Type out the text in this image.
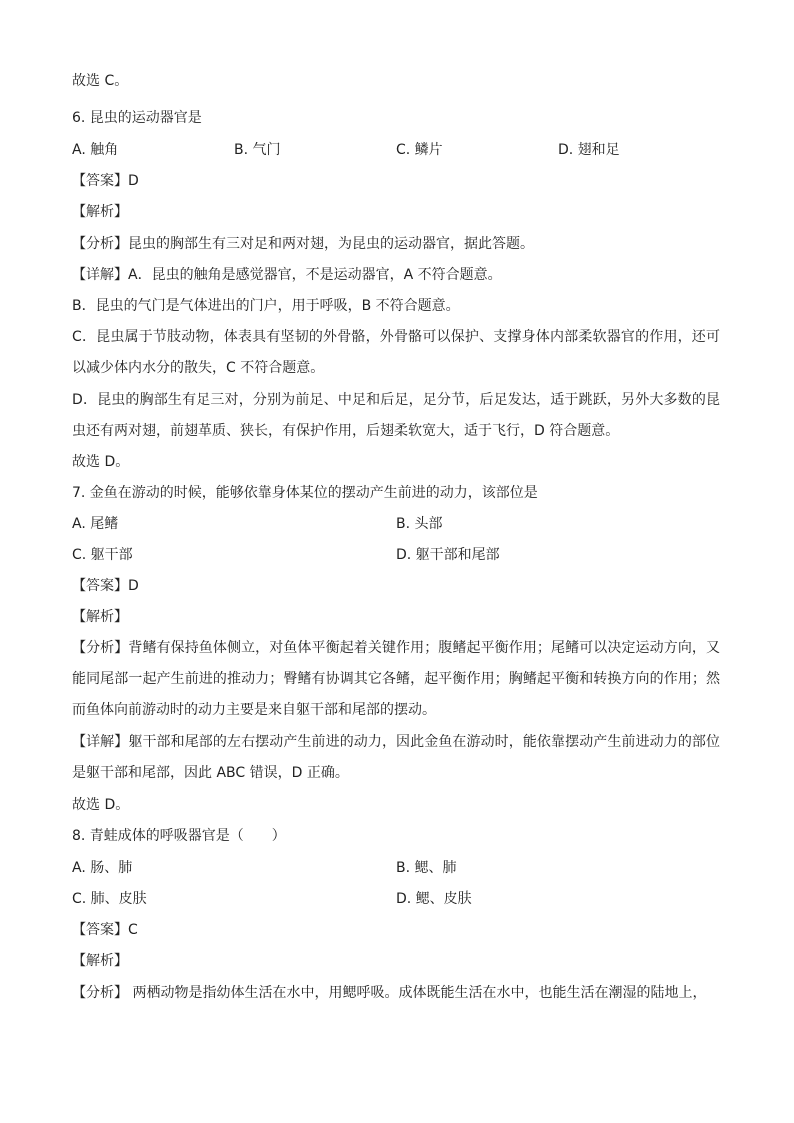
故选 C。
6. 昆虫的运动器官是
A. 触角	B. 气门	C. 鳞片	D. 翅和足
【答案】D
【解析】
【分析】昆虫的胸部生有三对足和两对翅，为昆虫的运动器官，据此答题。
【详解】A．昆虫的触角是感觉器官，不是运动器官，A 不符合题意。
B．昆虫的气门是气体进出的门户，用于呼吸，B 不符合题意。
C．昆虫属于节肢动物，体表具有坚韧的外骨骼，外骨骼可以保护、支撑身体内部柔软器官的作用，还可以减少体内水分的散失，C 不符合题意。
D．昆虫的胸部生有足三对，分别为前足、中足和后足，足分节，后足发达，适于跳跃，另外大多数的昆虫还有两对翅，前翅革质、狭长，有保护作用，后翅柔软宽大，适于飞行，D 符合题意。
故选 D。
7. 金鱼在游动的时候，能够依靠身体某位的摆动产生前进的动力，该部位是
A. 尾鳍	B. 头部
C. 躯干部	D. 躯干部和尾部
【答案】D
【解析】
【分析】背鳍有保持鱼体侧立，对鱼体平衡起着关键作用；腹鳍起平衡作用；尾鳍可以决定运动方向，又能同尾部一起产生前进的推动力；臀鳍有协调其它各鳍，起平衡作用；胸鳍起平衡和转换方向的作用；然而鱼体向前游动时的动力主要是来自躯干部和尾部的摆动。
【详解】躯干部和尾部的左右摆动产生前进的动力，因此金鱼在游动时，能依靠摆动产生前进动力的部位是躯干部和尾部，因此 ABC 错误，D 正确。
故选 D。
8. 青蛙成体的呼吸器官是（　　）
A. 肠、肺	B. 鳃、肺
C. 肺、皮肤	D. 鳃、皮肤
【答案】C
【解析】
【分析】 两栖动物是指幼体生活在水中，用鳃呼吸。成体既能生活在水中，也能生活在潮湿的陆地上，
